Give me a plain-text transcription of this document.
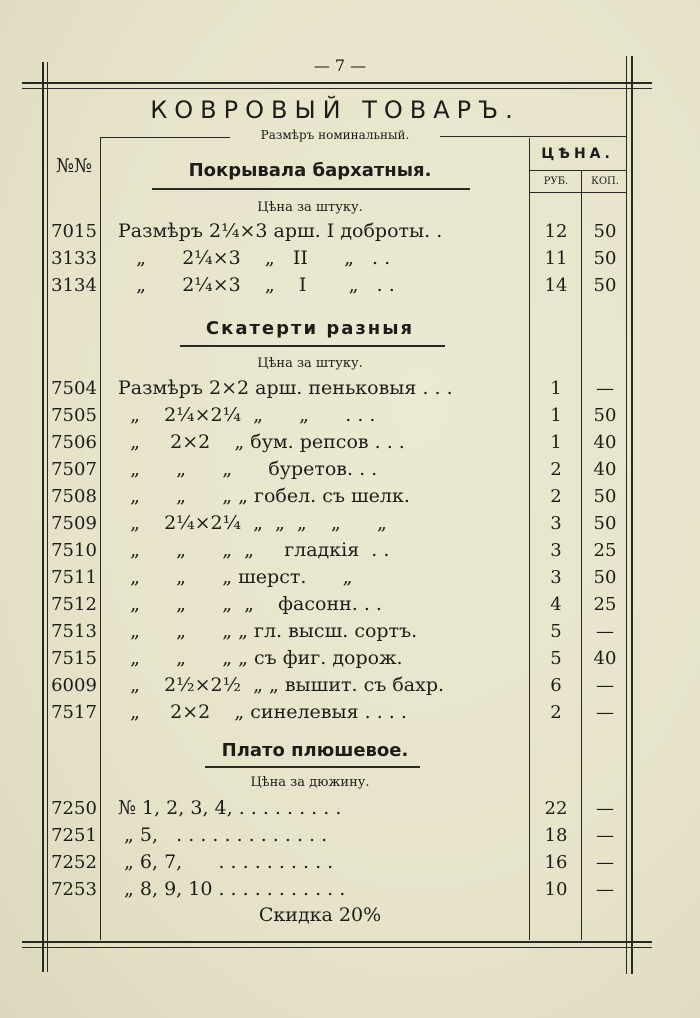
— 7 —
КОВРОВЫЙ ТОВАРЪ.
Размѣръ номинальный.
№№
ЦѢНА.
РУБ.	КОП.
Покрывала бархатныя.
Цѣна за штуку.
7015 Размѣръ 2¼×3 арш. I доброты. .	12	50
3133 „      2¼×3    „   II      „   . .	11	50
3134 „      2¼×3    „    I       „   . .	14	50
Скатерти разныя
Цѣна за штуку.
7504 Размѣръ 2×2 арш. пеньковыя . . .	1	—
7505 „    2¼×2¼  „      „      . . .	1	50
7506 „     2×2    „ бум. репсов . . .	1	40
7507 „      „      „      буретов. . .	2	40
7508 „      „      „ „ гобел. съ шелк.	2	50
7509 „    2¼×2¼  „  „  „    „      „	3	50
7510 „      „      „  „     гладкія  . .	3	25
7511 „      „      „ шерст.      „	3	50
7512 „      „      „  „    фасонн. . .	4	25
7513 „      „      „ „ гл. высш. сортъ.	5	—
7515 „      „      „ „ съ фиг. дорож.	5	40
6009 „    2½×2½  „ „ вышит. съ бахр.	6	—
7517 „     2×2    „ синелевыя . . . .	2	—
Плато плюшевое.
Цѣна за дюжину.
7250 № 1, 2, 3, 4, . . . . . . . . .	22	—
7251 „ 5,   . . . . . . . . . . . . .	18	—
7252 „ 6, 7,      . . . . . . . . . .	16	—
7253 „ 8, 9, 10 . . . . . . . . . . .	10	—
Скидка 20%
